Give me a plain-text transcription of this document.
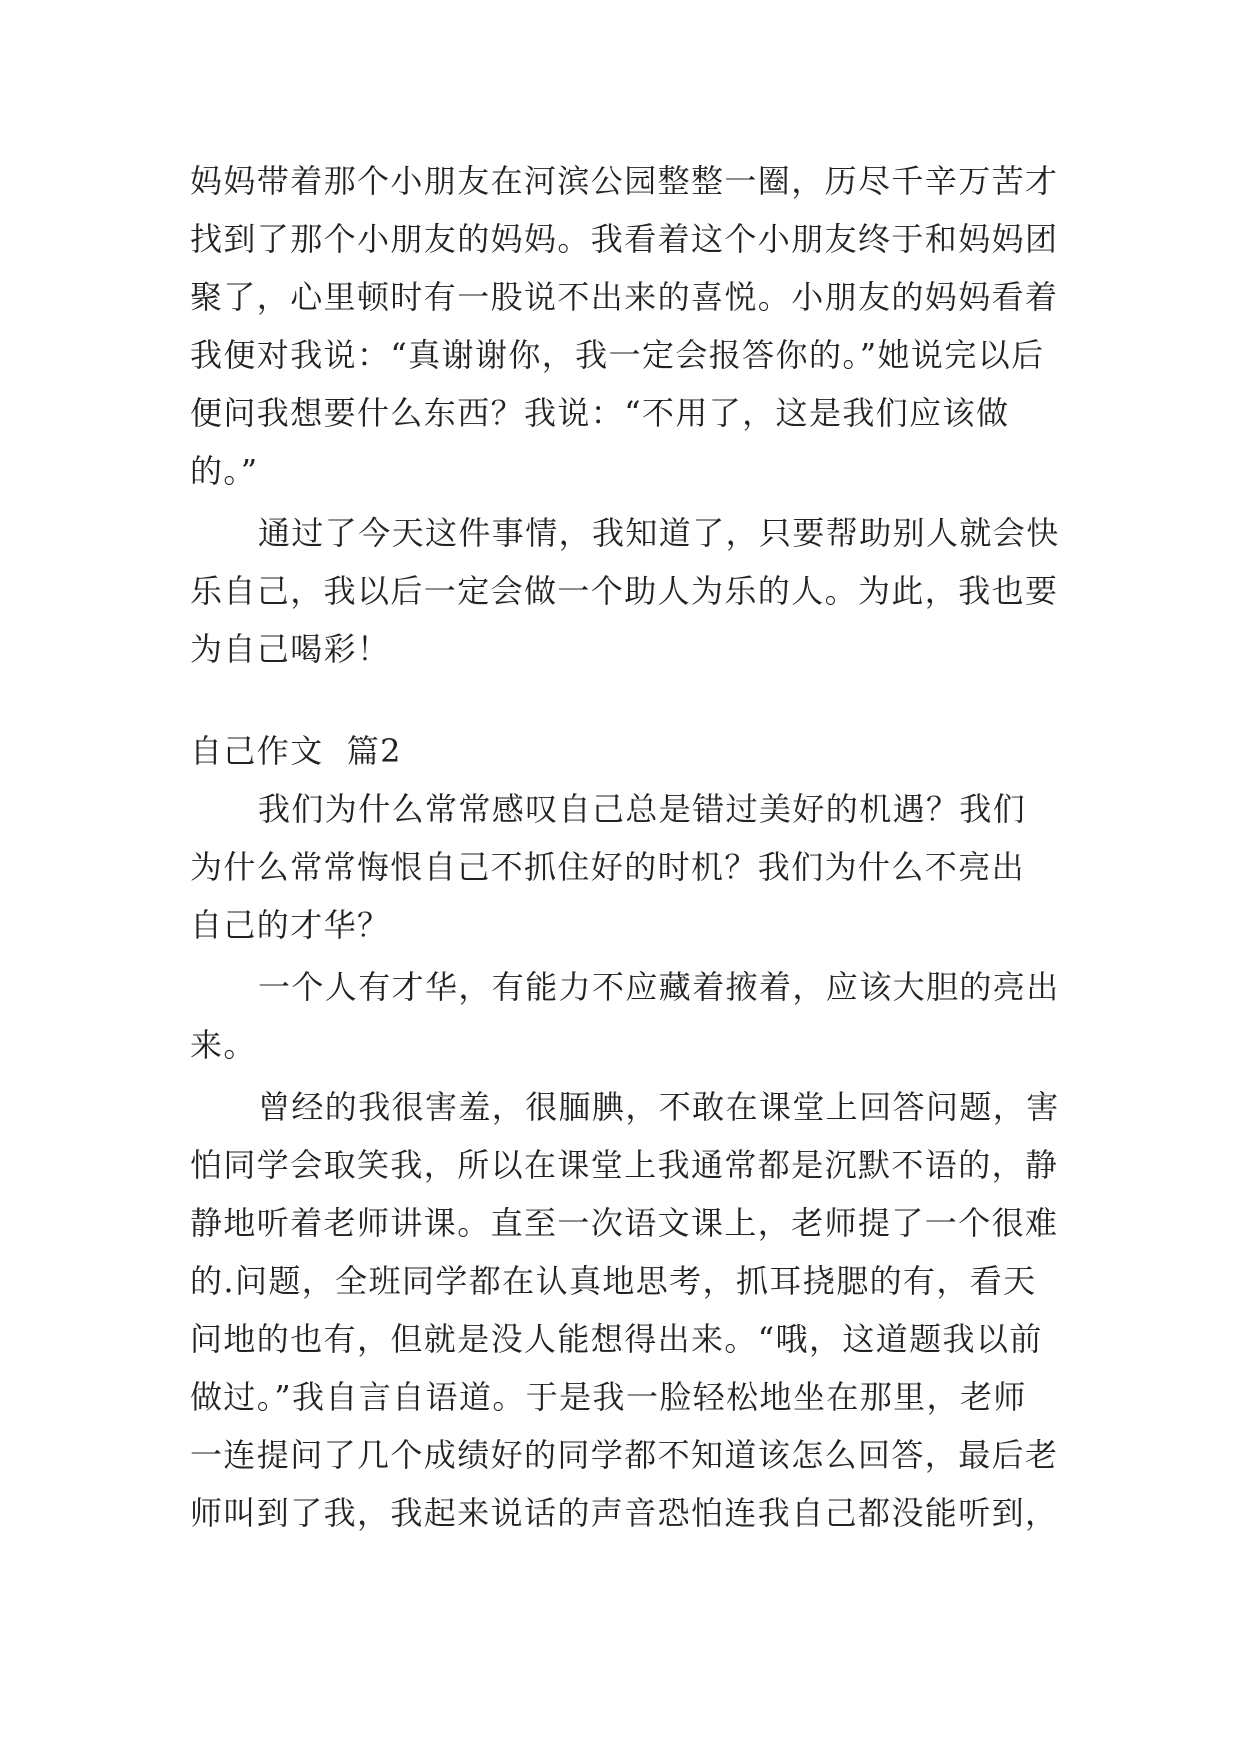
妈妈带着那个小朋友在河滨公园整整一圈，历尽千辛万苦才
找到了那个小朋友的妈妈。我看着这个小朋友终于和妈妈团
聚了，心里顿时有一股说不出来的喜悦。小朋友的妈妈看着
我便对我说：“真谢谢你，我一定会报答你的。”她说完以后
便问我想要什么东西？我说：“不用了，这是我们应该做
的。”
通过了今天这件事情，我知道了，只要帮助别人就会快
乐自己，我以后一定会做一个助人为乐的人。为此，我也要
为自己喝彩！
自己作文  篇2
我们为什么常常感叹自己总是错过美好的机遇？我们
为什么常常悔恨自己不抓住好的时机？我们为什么不亮出
自己的才华？
一个人有才华，有能力不应藏着掖着，应该大胆的亮出
来。
曾经的我很害羞，很腼腆，不敢在课堂上回答问题，害
怕同学会取笑我，所以在课堂上我通常都是沉默不语的，静
静地听着老师讲课。直至一次语文课上，老师提了一个很难
的.问题，全班同学都在认真地思考，抓耳挠腮的有，看天
问地的也有，但就是没人能想得出来。“哦，这道题我以前
做过。”我自言自语道。于是我一脸轻松地坐在那里，老师
一连提问了几个成绩好的同学都不知道该怎么回答，最后老
师叫到了我，我起来说话的声音恐怕连我自己都没能听到，
